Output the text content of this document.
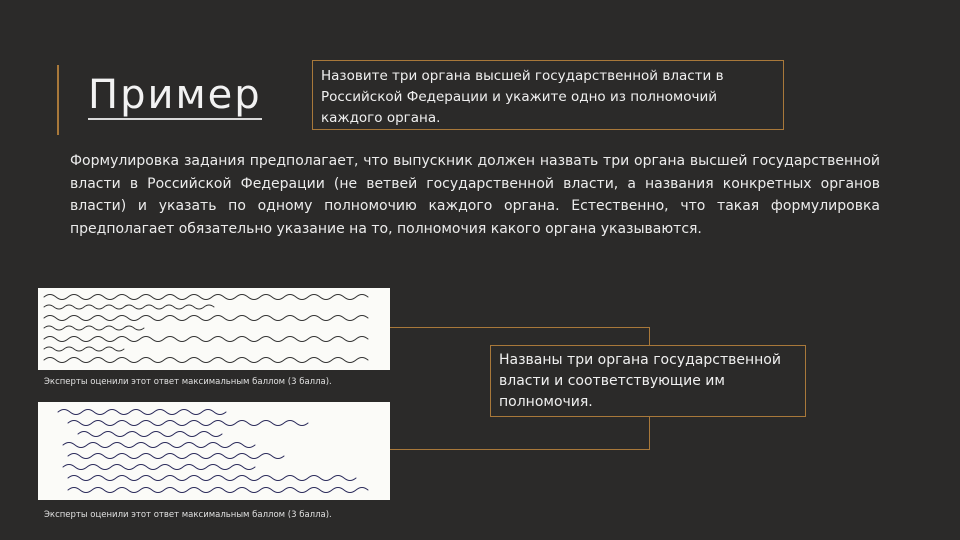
Пример	Назовите три органа высшей государственной власти в Российской Федерации и укажите одно из полномочий каждого органа.
Формулировка задания предполагает, что выпускник должен назвать три органа высшей государственной власти в Российской Федерации (не ветвей государственной власти, а названия конкретных органов власти) и указать по одному полномочию каждого органа. Естественно, что такая формулировка предполагает обязательно указание на то, полномочия какого органа указываются.
Эксперты оценили этот ответ максимальным баллом (3 балла).
Эксперты оценили этот ответ максимальным баллом (3 балла).
Названы три органа государственной власти и соответствующие им полномочия.
